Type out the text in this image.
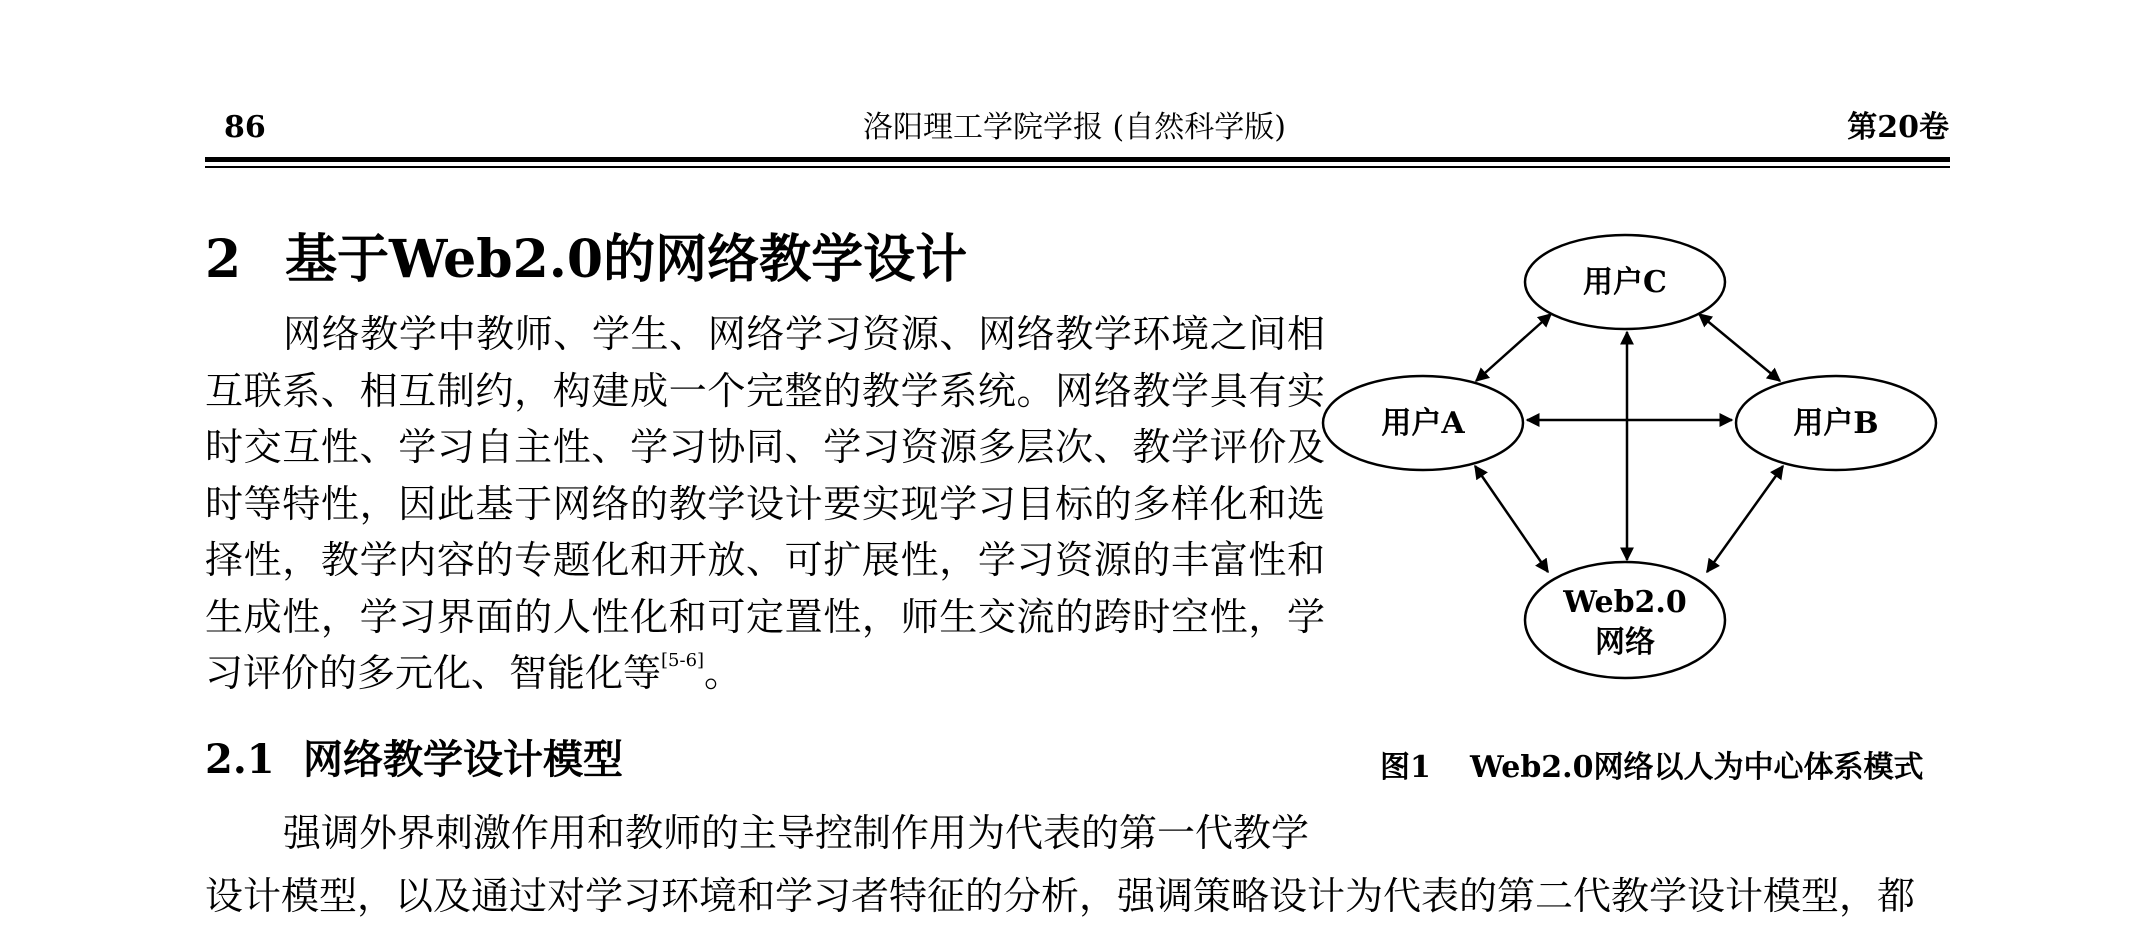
86	洛阳理工学院学报 (自然科学版)	第20卷
2 基于Web2.0的网络教学设计
网络教学中教师、学生、网络学习资源、网络教学环境之间相
互联系、相互制约，构建成一个完整的教学系统。网络教学具有实
时交互性、学习自主性、学习协同、学习资源多层次、教学评价及
时等特性，因此基于网络的教学设计要实现学习目标的多样化和选
择性，教学内容的专题化和开放、可扩展性，学习资源的丰富性和
生成性，学习界面的人性化和可定置性，师生交流的跨时空性，学
习评价的多元化、智能化等[5-6]。
2.1 网络教学设计模型
强调外界刺激作用和教师的主导控制作用为代表的第一代教学
设计模型，以及通过对学习环境和学习者特征的分析，强调策略设计为代表的第二代教学设计模型，都
用户C
用户A	用户B
Web2.0
网络
图1 Web2.0网络以人为中心体系模式
